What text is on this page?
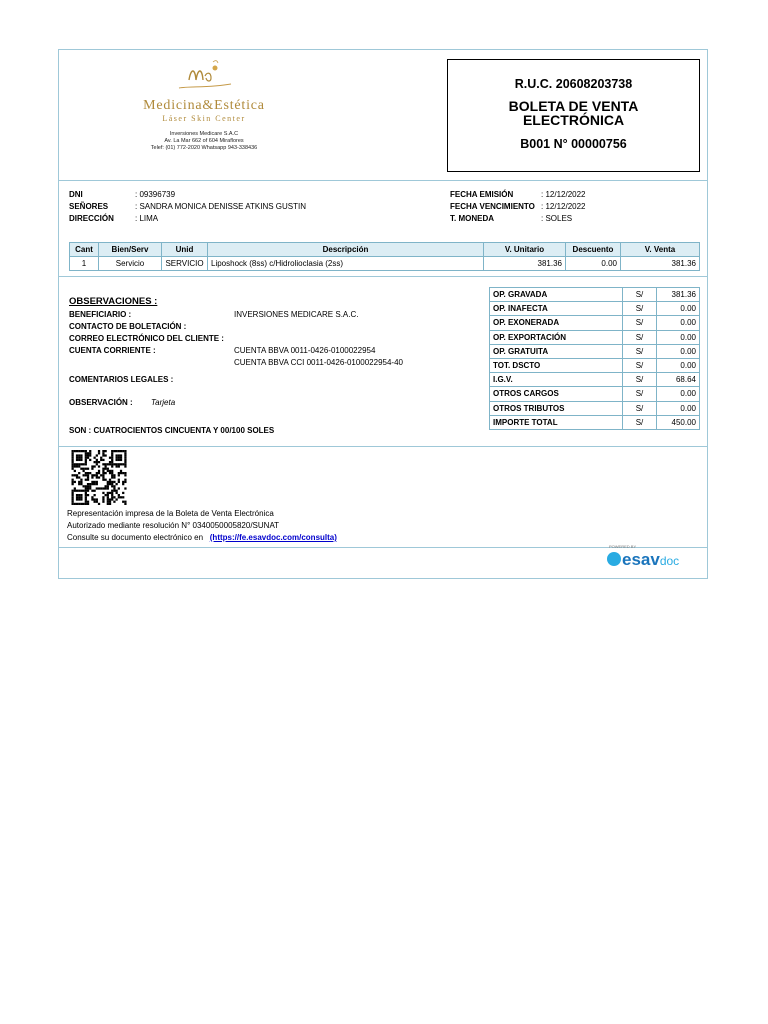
Medicina&Estética
Láser Skin Center
Inversiones Medicare S.A.C
Av. La Mar 662 of 604 Miraflores
Telef: (01) 772-2020 Whatsapp 943-338436
R.U.C. 20608203738
BOLETA DE VENTA
ELECTRÓNICA
B001 N° 00000756
DNI	: 09396739	FECHA EMISIÓN	: 12/12/2022
SEÑORES	: SANDRA MONICA DENISSE ATKINS GUSTIN	FECHA VENCIMIENTO : 12/12/2022
DIRECCIÓN	: LIMA	T. MONEDA	: SOLES
Cant	Bien/Serv	Unid	Descripción	V. Unitario	Descuento	V. Venta
1	Servicio	SERVICIO	Liposhock (8ss) c/Hidrolioclasia (2ss)	381.36	0.00	381.36
OBSERVACIONES :
BENEFICIARIO :	INVERSIONES MEDICARE S.A.C.
CONTACTO DE BOLETACIÓN :
CORREO ELECTRÓNICO DEL CLIENTE :
CUENTA CORRIENTE :	CUENTA BBVA 0011-0426-0100022954
CUENTA BBVA CCI 0011-0426-0100022954-40
COMENTARIOS LEGALES :
OBSERVACIÓN : Tarjeta
SON : CUATROCIENTOS CINCUENTA Y 00/100 SOLES
OP. GRAVADA	S/	381.36
OP. INAFECTA	S/	0.00
OP. EXONERADA	S/	0.00
OP. EXPORTACIÓN	S/	0.00
OP. GRATUITA	S/	0.00
TOT. DSCTO	S/	0.00
I.G.V.	S/	68.64
OTROS CARGOS	S/	0.00
OTROS TRIBUTOS	S/	0.00
IMPORTE TOTAL	S/	450.00
Representación impresa de la Boleta de Venta Electrónica
Autorizado mediante resolución N° 0340050005820/SUNAT
Consulte su documento electrónico en (https://fe.esavdoc.com/consulta)
POWERED BY
esavdoc
